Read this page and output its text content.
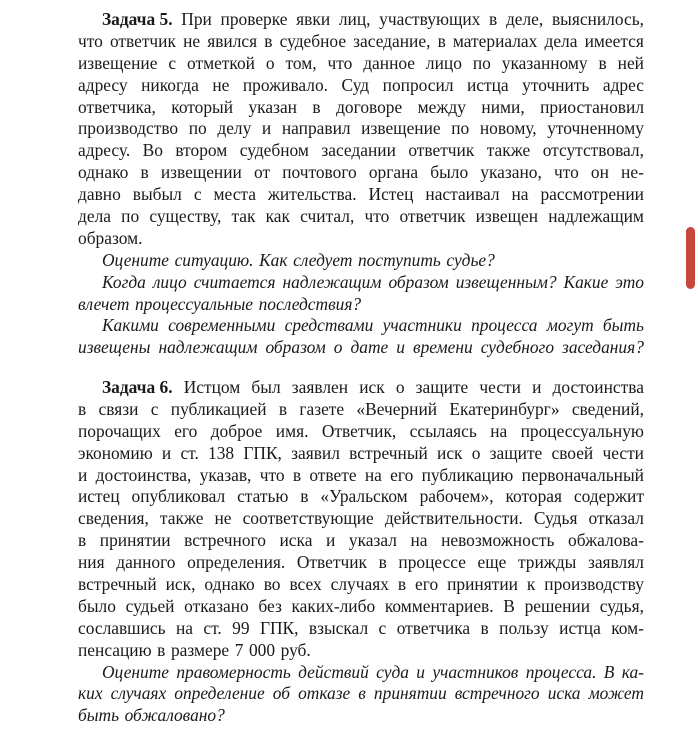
Задача 5. При проверке явки лиц, участвующих в деле, выяснилось,
что ответчик не явился в судебное заседание, в материалах дела имеется
извещение с отметкой о том, что данное лицо по указанному в ней
адресу никогда не проживало. Суд попросил истца уточнить адрес
ответчика, который указан в договоре между ними, приостановил
производство по делу и направил извещение по новому, уточненному
адресу. Во втором судебном заседании ответчик также отсутствовал,
однако в извещении от почтового органа было указано, что он не-
давно выбыл с места жительства. Истец настаивал на рассмотрении
дела по существу, так как считал, что ответчик извещен надлежащим
образом.
Оцените ситуацию. Как следует поступить судье?
Когда лицо считается надлежащим образом извещенным? Какие это
влечет процессуальные последствия?
Какими современными средствами участники процесса могут быть
извещены надлежащим образом о дате и времени судебного заседания?
Задача 6. Истцом был заявлен иск о защите чести и достоинства
в связи с публикацией в газете «Вечерний Екатеринбург» сведений,
порочащих его доброе имя. Ответчик, ссылаясь на процессуальную
экономию и ст. 138 ГПК, заявил встречный иск о защите своей чести
и достоинства, указав, что в ответе на его публикацию первоначальный
истец опубликовал статью в «Уральском рабочем», которая содержит
сведения, также не соответствующие действительности. Судья отказал
в принятии встречного иска и указал на невозможность обжалова-
ния данного определения. Ответчик в процессе еще трижды заявлял
встречный иск, однако во всех случаях в его принятии к производству
было судьей отказано без каких-либо комментариев. В решении судья,
сославшись на ст. 99 ГПК, взыскал с ответчика в пользу истца ком-
пенсацию в размере 7 000 руб.
Оцените правомерность действий суда и участников процесса. В ка-
ких случаях определение об отказе в принятии встречного иска может
быть обжаловано?
